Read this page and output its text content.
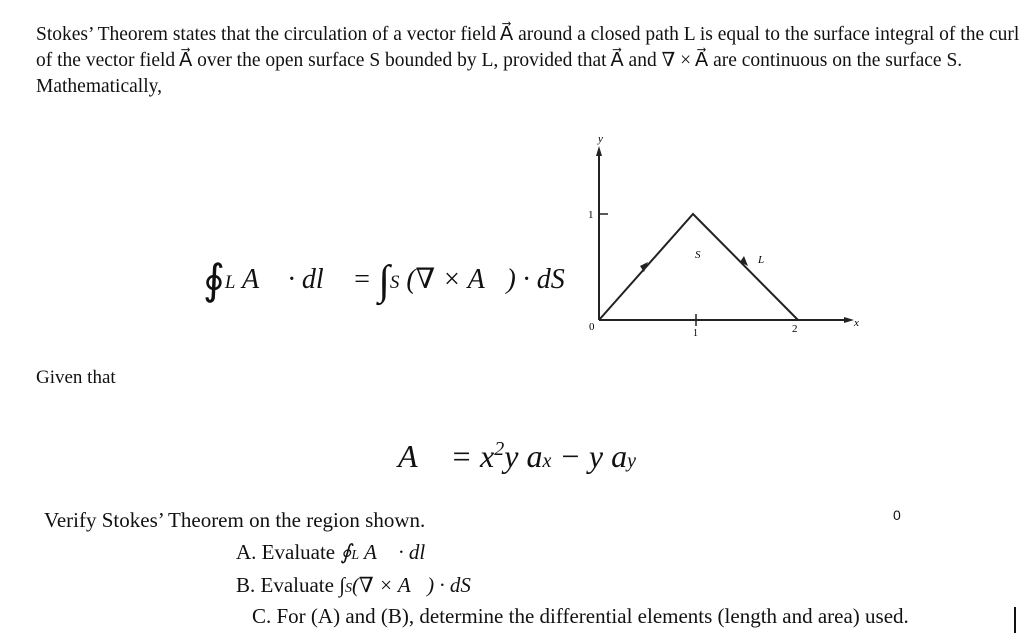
Stokes’ Theorem states that the circulation of a vector field A⃗ around a closed path L is equal to the surface integral of the curl of the vector field A⃗ over the open surface S bounded by L, provided that A⃗ and ∇ × A⃗ are continuous on the surface S. Mathematically,
∮L A⃗ · dl⃗ = ∫S (∇ × A⃗) · dS⃗
y
x
1
1	2
0
S	L
Given that
A⃗ = $x^2y$ ax − y ay
Verify Stokes’ Theorem on the region shown.	0
A. Evaluate ∮L A⃗ · dl⃗
B. Evaluate ∫S(∇ × A⃗) · dS⃗
C. For (A) and (B), determine the differential elements (length and area) used.
